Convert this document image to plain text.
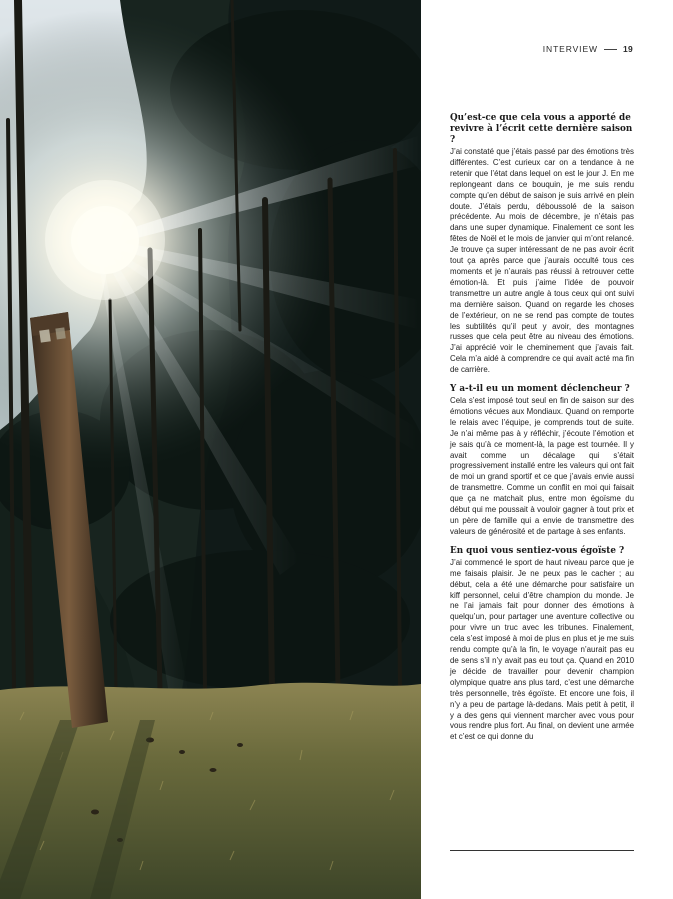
INTERVIEW	19
Qu’est-ce que cela vous a apporté de revivre à l’écrit cette dernière saison ?

J’ai constaté que j’étais passé par des émotions très différentes. C’est curieux car on a tendance à ne retenir que l’état dans lequel on est le jour J. En me replongeant dans ce bouquin, je me suis rendu compte qu’en début de saison je suis arrivé en plein doute. J’étais perdu, déboussolé de la saison précédente. Au mois de décembre, je n’étais pas dans une super dynamique. Finalement ce sont les fêtes de Noël et le mois de janvier qui m’ont relancé. Je trouve ça super intéressant de ne pas avoir écrit tout ça après parce que j’aurais occulté tous ces moments et je n’aurais pas réussi à retrouver cette émotion-là. Et puis j’aime l’idée de pouvoir transmettre un autre angle à tous ceux qui ont suivi ma dernière saison. Quand on regarde les choses de l’extérieur, on ne se rend pas compte de toutes les subtilités qu’il peut y avoir, des montagnes russes que cela peut être au niveau des émotions. J’ai apprécié voir le cheminement que j’avais fait. Cela m’a aidé à comprendre ce qui avait acté ma fin de carrière.

Y a-t-il eu un moment déclencheur ?

Cela s’est imposé tout seul en fin de saison sur des émotions vécues aux Mondiaux. Quand on remporte le relais avec l’équipe, je comprends tout de suite. Je n’ai même pas à y réfléchir, j’écoute l’émotion et je sais qu’à ce moment-là, la page est tournée. Il y avait comme un décalage qui s’était progressivement installé entre les valeurs qui ont fait de moi un grand sportif et ce que j’avais envie aussi de transmettre. Comme un conflit en moi qui faisait que ça ne matchait plus, entre mon égoïsme du début qui me poussait à vouloir gagner à tout prix et un père de famille qui a envie de transmettre des valeurs de générosité et de partage à ses enfants.

En quoi vous sentiez-vous égoïste ?

J’ai commencé le sport de haut niveau parce que je me faisais plaisir. Je ne peux pas le cacher ; au début, cela a été une démarche pour satisfaire un kiff personnel, celui d’être champion du monde. Je ne l’ai jamais fait pour donner des émotions à quelqu’un, pour partager une aventure collective ou pour vivre un truc avec les tribunes. Finalement, cela s’est imposé à moi de plus en plus et je me suis rendu compte qu’à la fin, le voyage n’aurait pas eu de sens s’il n’y avait pas eu tout ça. Quand en 2010 je décide de travailler pour devenir champion olympique quatre ans plus tard, c’est une démarche très personnelle, très égoïste. Et encore une fois, il n’y a peu de partage là-dedans. Mais petit à petit, il y a des gens qui viennent marcher avec vous pour vous rendre plus fort. Au final, on devient une armée et c’est ce qui donne du
